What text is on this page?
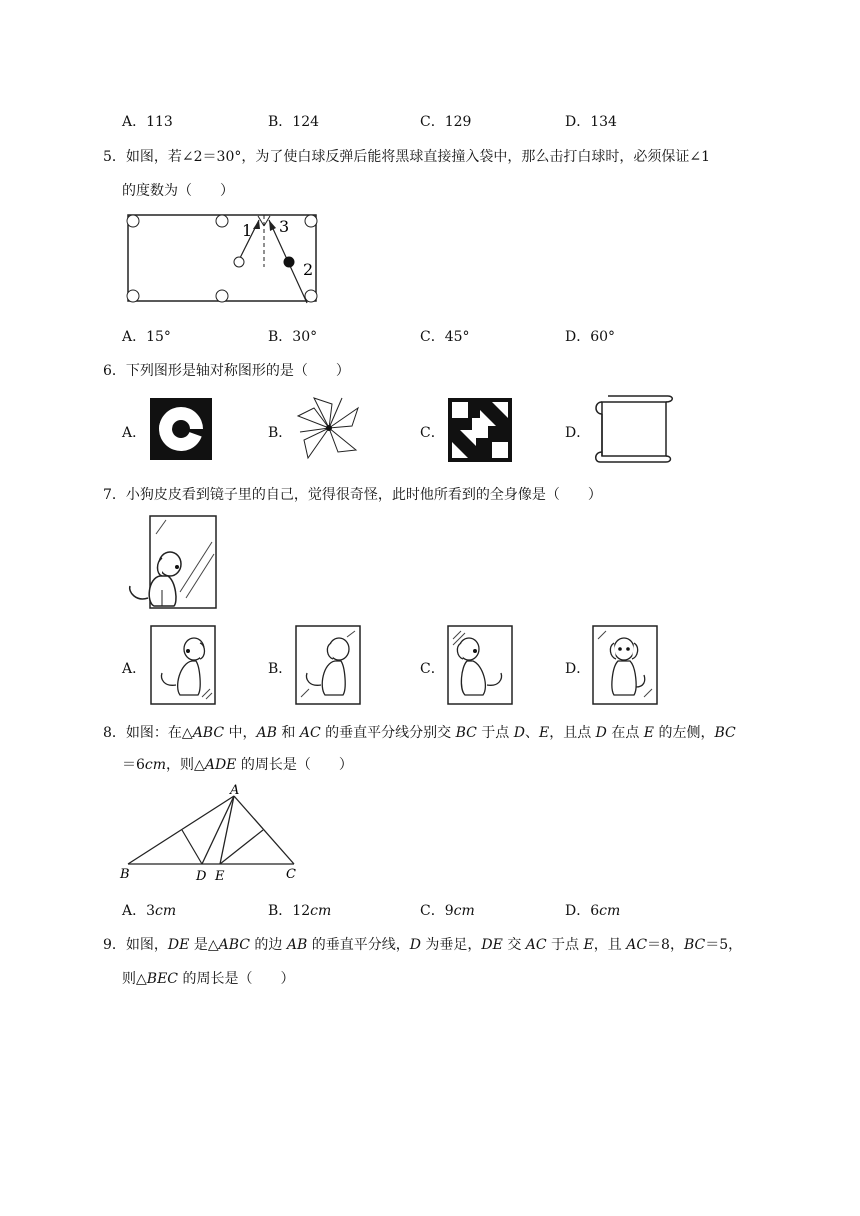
A．113	B．124	C．129	D．134
5．如图，若∠2＝30°，为了使白球反弹后能将黑球直接撞入袋中，那么击打白球时，必须保证∠1
的度数为（　　）
1 3
2
A．15°	B．30°	C．45°	D．60°
6．下列图形是轴对称图形的是（　　）
A．	B．	C．	D．
7．小狗皮皮看到镜子里的自己，觉得很奇怪，此时他所看到的全身像是（　　）
A．	B．	C．	D．
8．如图：在△ABC 中，AB 和 AC 的垂直平分线分别交 BC 于点 D、E，且点 D 在点 E 的左侧，BC
＝6cm，则△ADE 的周长是（　　）
A
B	D E	C
A．3cm	B．12cm	C．9cm	D．6cm
9．如图，DE 是△ABC 的边 AB 的垂直平分线，D 为垂足，DE 交 AC 于点 E，且 AC＝8，BC＝5，
则△BEC 的周长是（　　）
